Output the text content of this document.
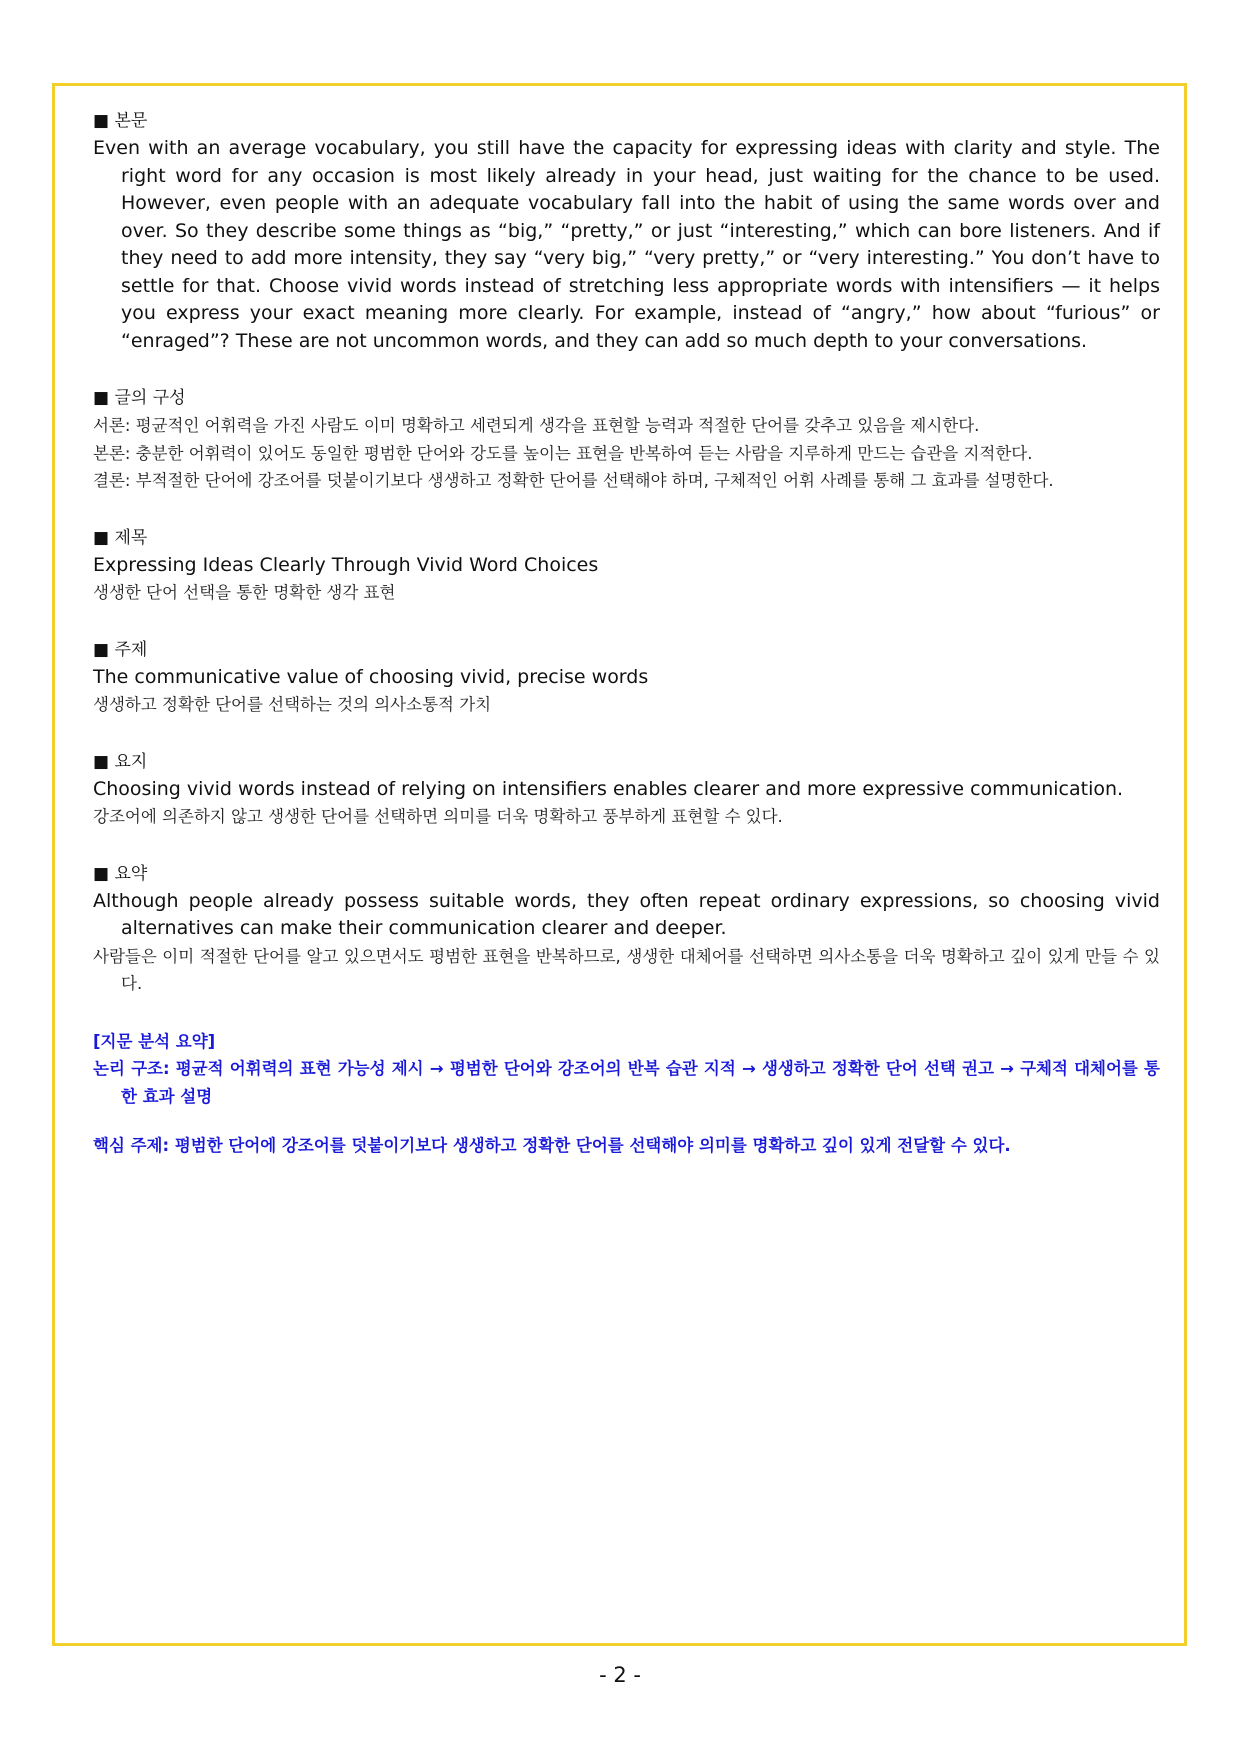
■ 본문
Even with an average vocabulary, you still have the capacity for expressing ideas with clarity and style. The right word for any occasion is most likely already in your head, just waiting for the chance to be used. However, even people with an adequate vocabulary fall into the habit of using the same words over and over. So they describe some things as “big,” “pretty,” or just “interesting,” which can bore listeners. And if they need to add more intensity, they say “very big,” “very pretty,” or “very interesting.” You don’t have to settle for that. Choose vivid words instead of stretching less appropriate words with intensifiers — it helps you express your exact meaning more clearly. For example, instead of “angry,” how about “furious” or “enraged”? These are not uncommon words, and they can add so much depth to your conversations.
■ 글의 구성
서론: 평균적인 어휘력을 가진 사람도 이미 명확하고 세련되게 생각을 표현할 능력과 적절한 단어를 갖추고 있음을 제시한다.
본론: 충분한 어휘력이 있어도 동일한 평범한 단어와 강도를 높이는 표현을 반복하여 듣는 사람을 지루하게 만드는 습관을 지적한다.
결론: 부적절한 단어에 강조어를 덧붙이기보다 생생하고 정확한 단어를 선택해야 하며, 구체적인 어휘 사례를 통해 그 효과를 설명한다.
■ 제목
Expressing Ideas Clearly Through Vivid Word Choices
생생한 단어 선택을 통한 명확한 생각 표현
■ 주제
The communicative value of choosing vivid, precise words
생생하고 정확한 단어를 선택하는 것의 의사소통적 가치
■ 요지
Choosing vivid words instead of relying on intensifiers enables clearer and more expressive communication.
강조어에 의존하지 않고 생생한 단어를 선택하면 의미를 더욱 명확하고 풍부하게 표현할 수 있다.
■ 요약
Although people already possess suitable words, they often repeat ordinary expressions, so choosing vivid alternatives can make their communication clearer and deeper.
사람들은 이미 적절한 단어를 알고 있으면서도 평범한 표현을 반복하므로, 생생한 대체어를 선택하면 의사소통을 더욱 명확하고 깊이 있게 만들 수 있다.
[지문 분석 요약]
논리 구조: 평균적 어휘력의 표현 가능성 제시 → 평범한 단어와 강조어의 반복 습관 지적 → 생생하고 정확한 단어 선택 권고 → 구체적 대체어를 통한 효과 설명
핵심 주제: 평범한 단어에 강조어를 덧붙이기보다 생생하고 정확한 단어를 선택해야 의미를 명확하고 깊이 있게 전달할 수 있다.
- 2 -
